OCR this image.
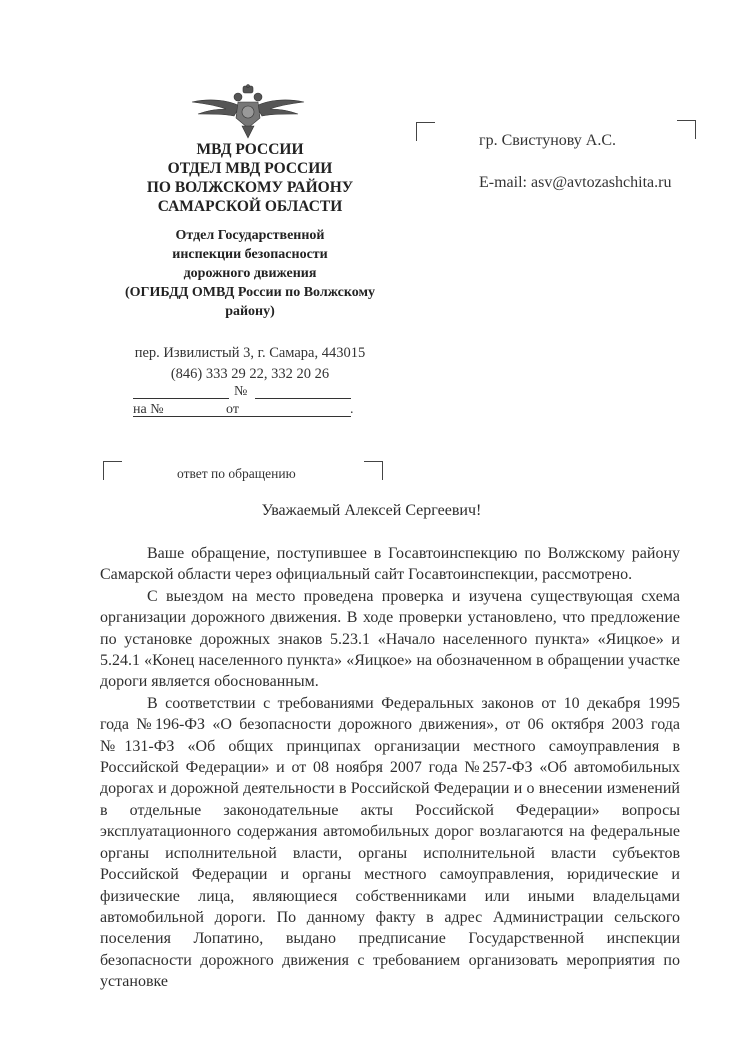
МВД РОССИИ
ОТДЕЛ МВД РОССИИ
ПО ВОЛЖСКОМУ РАЙОНУ
САМАРСКОЙ ОБЛАСТИ
Отдел Государственной
инспекции безопасности
дорожного движения
(ОГИБДД ОМВД России по Волжскому
району)
пер. Извилистый 3, г. Самара, 443015
(846) 333 29 22, 332 20 26
№
на №	от	.
гр. Свистунову А.С.
E-mail: asv@avtozashchita.ru
ответ по обращению
Уважаемый Алексей Сергеевич!

Ваше обращение, поступившее в Госавтоинспекцию по Волжскому району Самарской области через официальный сайт Госавтоинспекции, рассмотрено.

С выездом на место проведена проверка и изучена существующая схема организации дорожного движения. В ходе проверки установлено, что предложение по установке дорожных знаков 5.23.1 «Начало населенного пункта» «Яицкое» и 5.24.1 «Конец населенного пункта» «Яицкое» на обозначенном в обращении участке дороги является обоснованным.

В соответствии с требованиями Федеральных законов от 10 декабря 1995 года №196-ФЗ «О безопасности дорожного движения», от 06 октября 2003 года №131-ФЗ «Об общих принципах организации местного самоуправления в Российской Федерации» и от 08 ноября 2007 года №257-ФЗ «Об автомобильных дорогах и дорожной деятельности в Российской Федерации и о внесении изменений в отдельные законодательные акты Российской Федерации» вопросы эксплуатационного содержания автомобильных дорог возлагаются на федеральные органы исполнительной власти, органы исполнительной власти субъектов Российской Федерации и органы местного самоуправления, юридические и физические лица, являющиеся собственниками или иными владельцами автомобильной дороги. По данному факту в адрес Администрации сельского поселения Лопатино, выдано предписание Государственной инспекции безопасности дорожного движения с требованием организовать мероприятия по установке
